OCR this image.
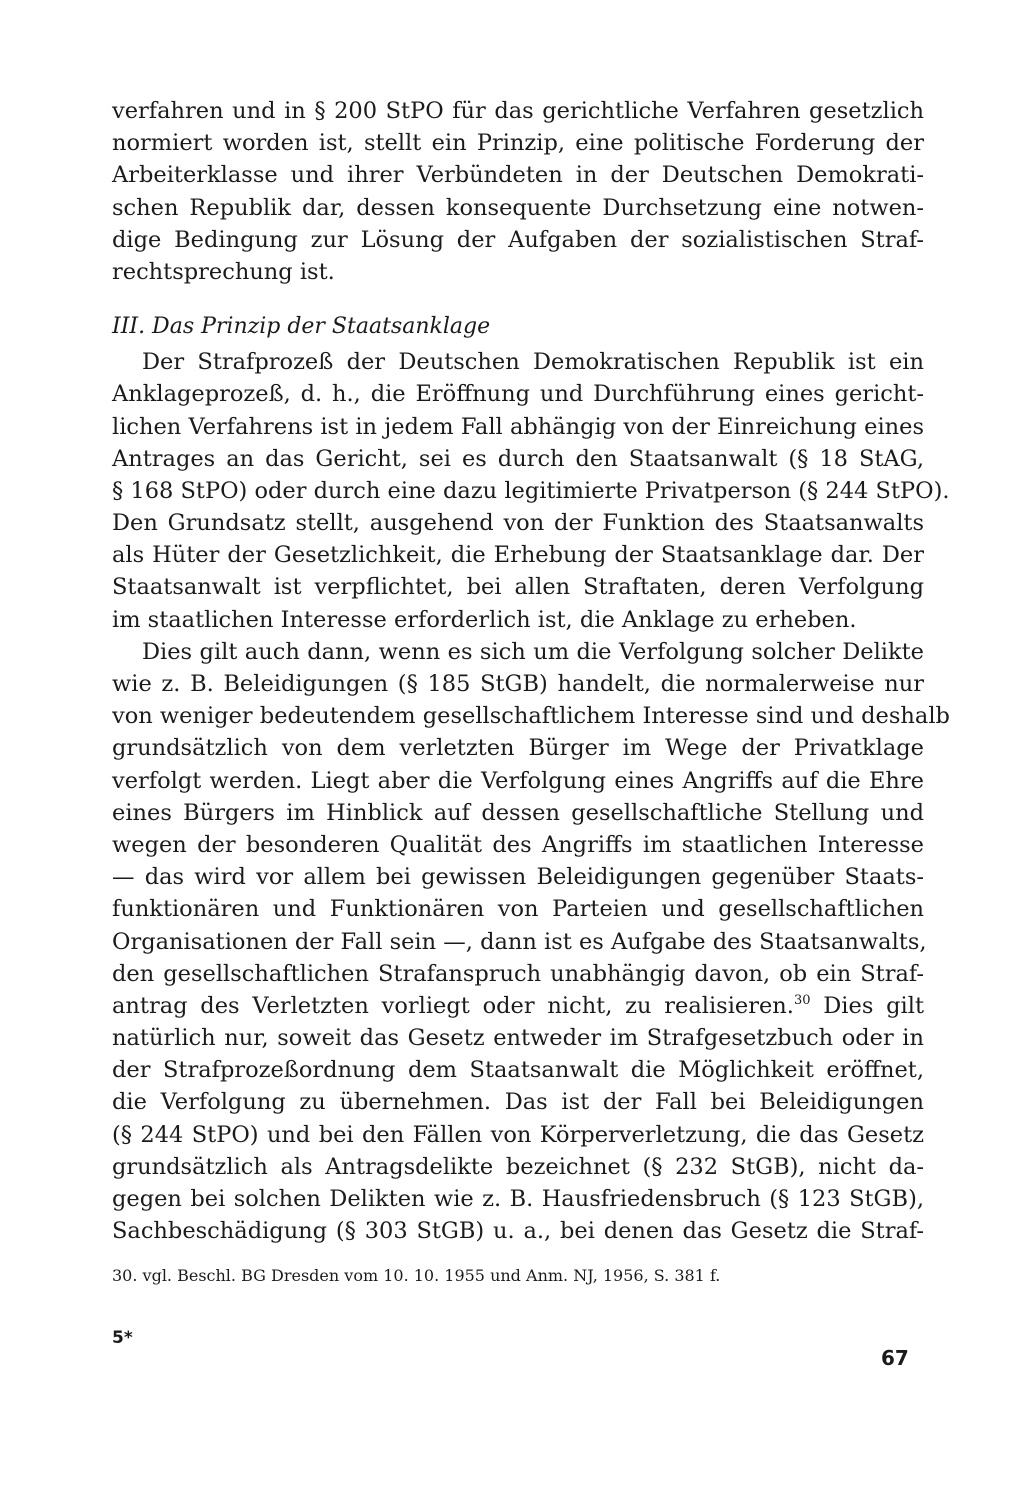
verfahren und in § 200 StPO für das gerichtliche Verfahren gesetzlich
normiert worden ist, stellt ein Prinzip, eine politische Forderung der
Arbeiterklasse und ihrer Verbündeten in der Deutschen Demokrati-
schen Republik dar, dessen konsequente Durchsetzung eine notwen-
dige Bedingung zur Lösung der Aufgaben der sozialistischen Straf-
rechtsprechung ist.
III. Das Prinzip der Staatsanklage
Der Strafprozeß der Deutschen Demokratischen Republik ist ein
Anklageprozeß, d. h., die Eröffnung und Durchführung eines gericht-
lichen Verfahrens ist in jedem Fall abhängig von der Einreichung eines
Antrages an das Gericht, sei es durch den Staatsanwalt (§ 18 StAG,
§ 168 StPO) oder durch eine dazu legitimierte Privatperson (§ 244 StPO).
Den Grundsatz stellt, ausgehend von der Funktion des Staatsanwalts
als Hüter der Gesetzlichkeit, die Erhebung der Staatsanklage dar. Der
Staatsanwalt ist verpflichtet, bei allen Straftaten, deren Verfolgung
im staatlichen Interesse erforderlich ist, die Anklage zu erheben.
Dies gilt auch dann, wenn es sich um die Verfolgung solcher Delikte
wie z. B. Beleidigungen (§ 185 StGB) handelt, die normalerweise nur
von weniger bedeutendem gesellschaftlichem Interesse sind und deshalb
grundsätzlich von dem verletzten Bürger im Wege der Privatklage
verfolgt werden. Liegt aber die Verfolgung eines Angriffs auf die Ehre
eines Bürgers im Hinblick auf dessen gesellschaftliche Stellung und
wegen der besonderen Qualität des Angriffs im staatlichen Interesse
— das wird vor allem bei gewissen Beleidigungen gegenüber Staats-
funktionären und Funktionären von Parteien und gesellschaftlichen
Organisationen der Fall sein —, dann ist es Aufgabe des Staatsanwalts,
den gesellschaftlichen Strafanspruch unabhängig davon, ob ein Straf-
antrag des Verletzten vorliegt oder nicht, zu realisieren.$^{30}$ Dies gilt
natürlich nur, soweit das Gesetz entweder im Strafgesetzbuch oder in
der Strafprozeßordnung dem Staatsanwalt die Möglichkeit eröffnet,
die Verfolgung zu übernehmen. Das ist der Fall bei Beleidigungen
(§ 244 StPO) und bei den Fällen von Körperverletzung, die das Gesetz
grundsätzlich als Antragsdelikte bezeichnet (§ 232 StGB), nicht da-
gegen bei solchen Delikten wie z. B. Hausfriedensbruch (§ 123 StGB),
Sachbeschädigung (§ 303 StGB) u. a., bei denen das Gesetz die Straf-
30. vgl. Beschl. BG Dresden vom 10. 10. 1955 und Anm. NJ, 1956, S. 381 f.
5*
67
